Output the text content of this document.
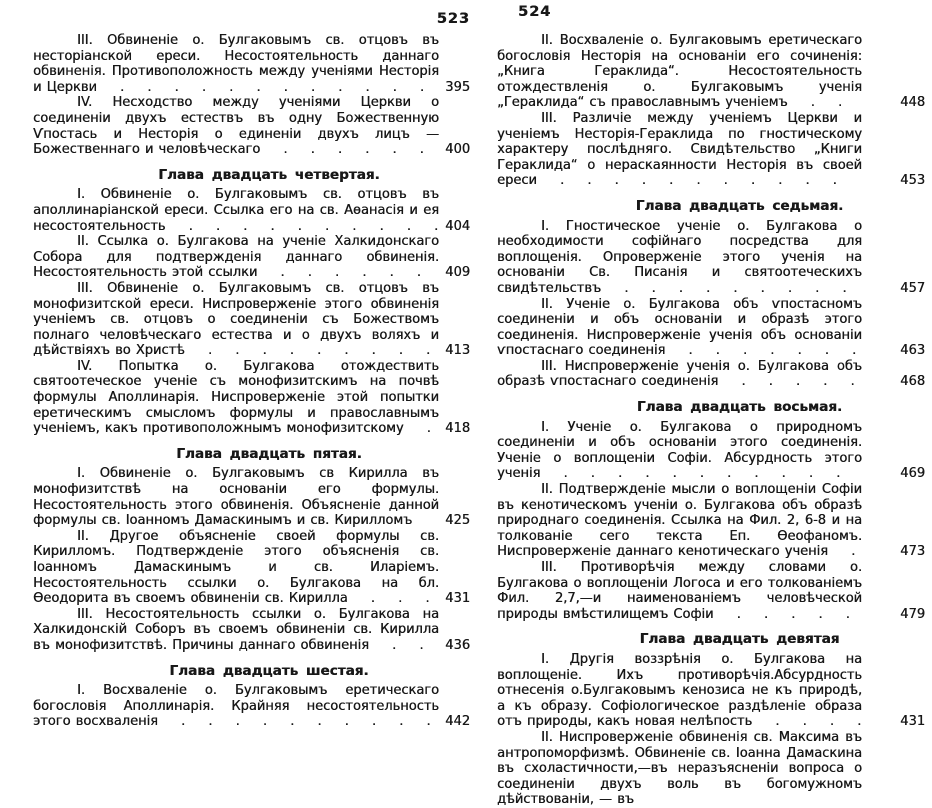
523	524
III. Обвиненіе о. Булгаковымъ св. отцовъ въ несторіанской ереси. Несостоятельность даннаго обвиненія. Противоположность между ученіями Несторія и Церкви . . . . . . . . . . . .	395
IV. Несходство между ученіями Церкви о соединеніи двухъ естествъ въ одну Божественную Ѵпостась и Несторія о единеніи двухъ лицъ — Божественнаго и человѣческаго . . . . . .	400
Глава двадцать четвертая.
I. Обвиненіе о. Булгаковымъ св. отцовъ въ аполлинаріанской ереси. Ссылка его на св. Аѳанасія и ея несостоятельность . . . . . . . . . . 404
II. Ссылка о. Булгакова на ученіе Халкидонскаго Собора для подтвержденія даннаго обвиненія. Несостоятельность этой ссылки . . . . . .	409
III. Обвиненіе о. Булгаковымъ св. отцовъ въ монофизитской ереси. Ниспроверженіе этого обвиненія ученіемъ св. отцовъ о соединеніи съ Божествомъ полнаго человѣческаго естества и о двухъ воляхъ и дѣйствіяхъ во Христѣ . . . . . . . . .	413
IV. Попытка о. Булгакова отождествить святоотеческое ученіе съ монофизитскимъ на почвѣ формулы Аполлинарія. Ниспроверженіе этой попытки еретическимъ смысломъ формулы и православнымъ ученіемъ, какъ противоположнымъ монофизитскому .	418
Глава двадцать пятая.
I. Обвиненіе о. Булгаковымъ св Кирилла въ монофизитствѣ на основаніи его формулы. Несостоятельность этого обвиненія. Объясненіе данной формулы св. Іоанномъ Дамаскинымъ и св. Кирилломъ	425
II. Другое объясненіе своей формулы св. Кирилломъ. Подтвержденіе этого объясненія св. Іоанномъ Дамаскинымъ и св. Иларіемъ. Несостоятельность ссылки о. Булгакова на бл. Ѳеодорита въ своемъ обвиненіи св. Кирилла . . .	431
III. Несостоятельность ссылки о. Булгакова на Халкидонскій Соборъ въ своемъ обвиненіи св. Кирилла въ монофизитствѣ. Причины даннаго обвиненія . .	436
Глава двадцать шестая.
I. Восхваленіе о. Булгаковымъ еретическаго богословія Аполлинарія. Крайняя несостоятельность этого восхваленія . . . . . . . . . .	442
II. Восхваленіе о. Булгаковымъ еретическаго богословія Несторія на основаніи его сочиненія: „Книга Гераклида“. Несостоятельность отождествленія о. Булгаковымъ ученія „Гераклида“ съ православнымъ ученіемъ . .	448
III. Различіе между ученіемъ Церкви и ученіемъ Несторія-Гераклида по гностическому характеру послѣдняго. Свидѣтельство „Книги Гераклида“ о нераскаянности Несторія въ своей ереси . . . . . . . . . . .	453
Глава двадцать седьмая.
I. Гностическое ученіе о. Булгакова о необходимости софійнаго посредства для воплощенія. Опроверженіе этого ученія на основаніи Св. Писанія и святоотеческихъ свидѣтельствъ . . . . . . . . .	457
II. Ученіе о. Булгакова объ ѵпостасномъ соединеніи и объ основаніи и образѣ этого соединенія. Ниспроверженіе ученія объ основаніи ѵпостаснаго соединенія . . . . . . .	463
III. Ниспроверженіе ученія о. Булгакова объ образѣ ѵпостаснаго соединенія . . . . .	468
Глава двадцать восьмая.
I. Ученіе о. Булгакова о природномъ соединеніи и объ основаніи этого соединенія. Ученіе о воплощеніи Софіи. Абсурдность этого ученія . . . . . . . . . . .	469
II. Подтвержденіе мысли о воплощеніи Софіи въ кенотическомъ ученіи о. Булгакова объ образѣ природнаго соединенія. Ссылка на Фил. 2, 6-8 и на толкованіе сего текста Еп. Ѳеофаномъ. Ниспроверженіе даннаго кенотическаго ученія .	473
III. Противорѣчія между словами о. Булгакова о воплощеніи Логоса и его толкованіемъ Фил. 2,7,—и наименованіемъ человѣческой природы вмѣстилищемъ Софіи . . . . .	479
Глава двадцать девятая
I. Другія воззрѣнія о. Булгакова на воплощеніе. Ихъ противорѣчія.Абсурдность отнесенія о.Булгаковымъ кенозиса не къ природѣ, а къ образу. Софіологическое раздѣленіе образа отъ природы, какъ новая нелѣпость . . . .	431
II. Ниспроверженіе обвиненія св. Максима въ антропоморфизмѣ. Обвиненіе св. Іоанна Дамаскина въ схоластичности,—въ неразъясненіи вопроса о соединеніи двухъ воль въ богомужномъ дѣйствованіи, — въ
